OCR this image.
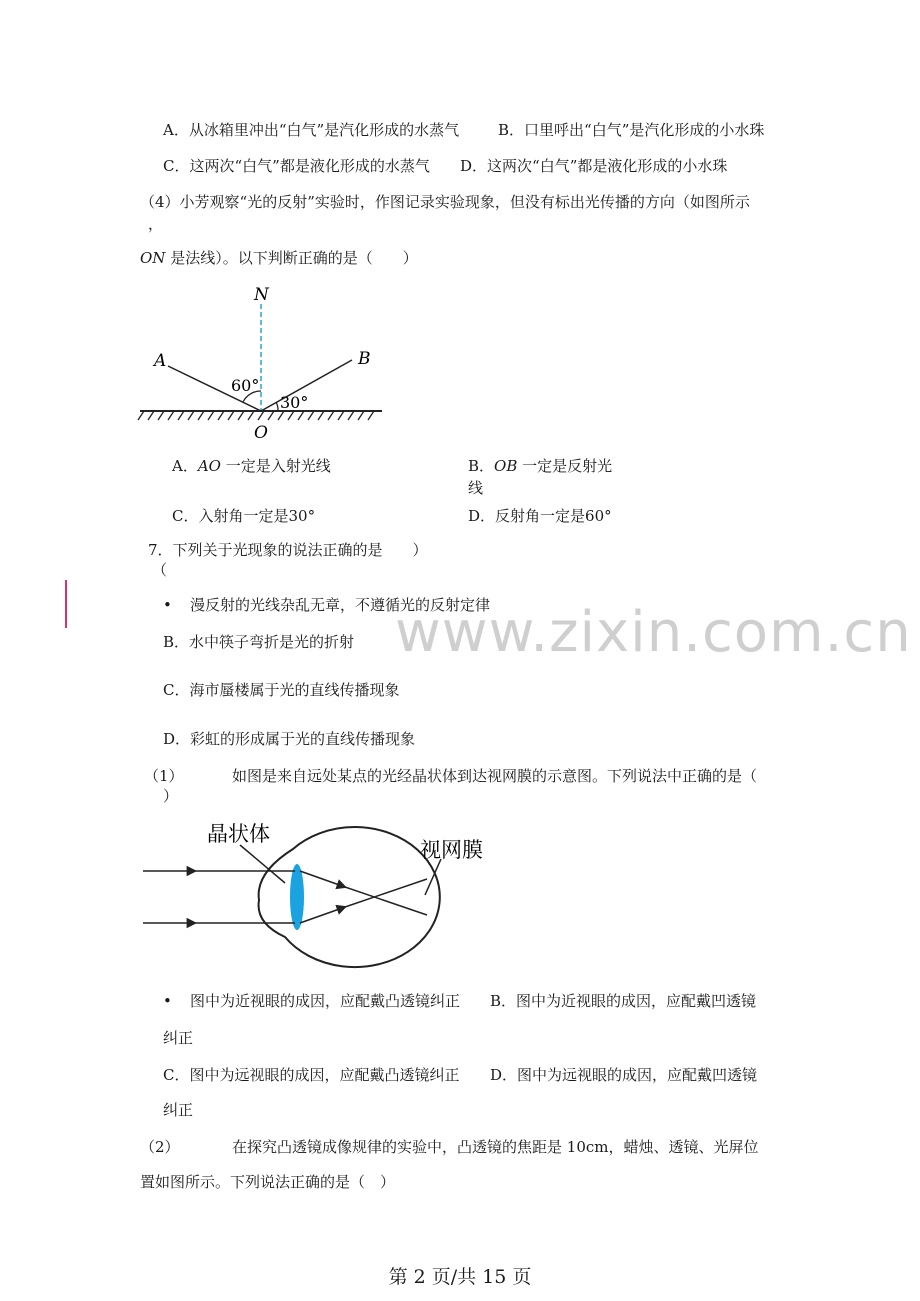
www.zixin.com.cn
A．从冰箱里冲出“白气”是汽化形成的水蒸气	B．口里呼出“白气”是汽化形成的小水珠
C．这两次“白气”都是液化形成的水蒸气 D．这两次“白气”都是液化形成的小水珠
（4）小芳观察“光的反射”实验时，作图记录实验现象，但没有标出光传播的方向（如图所示
，
ON 是法线）。以下判断正确的是（　　）
N
A	B
O
60°
30°
A．AO 一定是入射光线	B．OB 一定是反射光
线
C．入射角一定是30°	D．反射角一定是60°
7．下列关于光现象的说法正确的是　　）
（
• 漫反射的光线杂乱无章，不遵循光的反射定律
B．水中筷子弯折是光的折射
C．海市蜃楼属于光的直线传播现象
D．彩虹的形成属于光的直线传播现象
（1）	如图是来自远处某点的光经晶状体到达视网膜的示意图。下列说法中正确的是（
）
晶状体
视网膜
• 图中为近视眼的成因，应配戴凸透镜纠正 B．图中为近视眼的成因，应配戴凹透镜
纠正
C．图中为远视眼的成因，应配戴凸透镜纠正 D．图中为远视眼的成因，应配戴凹透镜
纠正
（2）	在探究凸透镜成像规律的实验中，凸透镜的焦距是 10cm，蜡烛、透镜、光屏位
置如图所示。下列说法正确的是（　）
第 2 页/共 15 页
